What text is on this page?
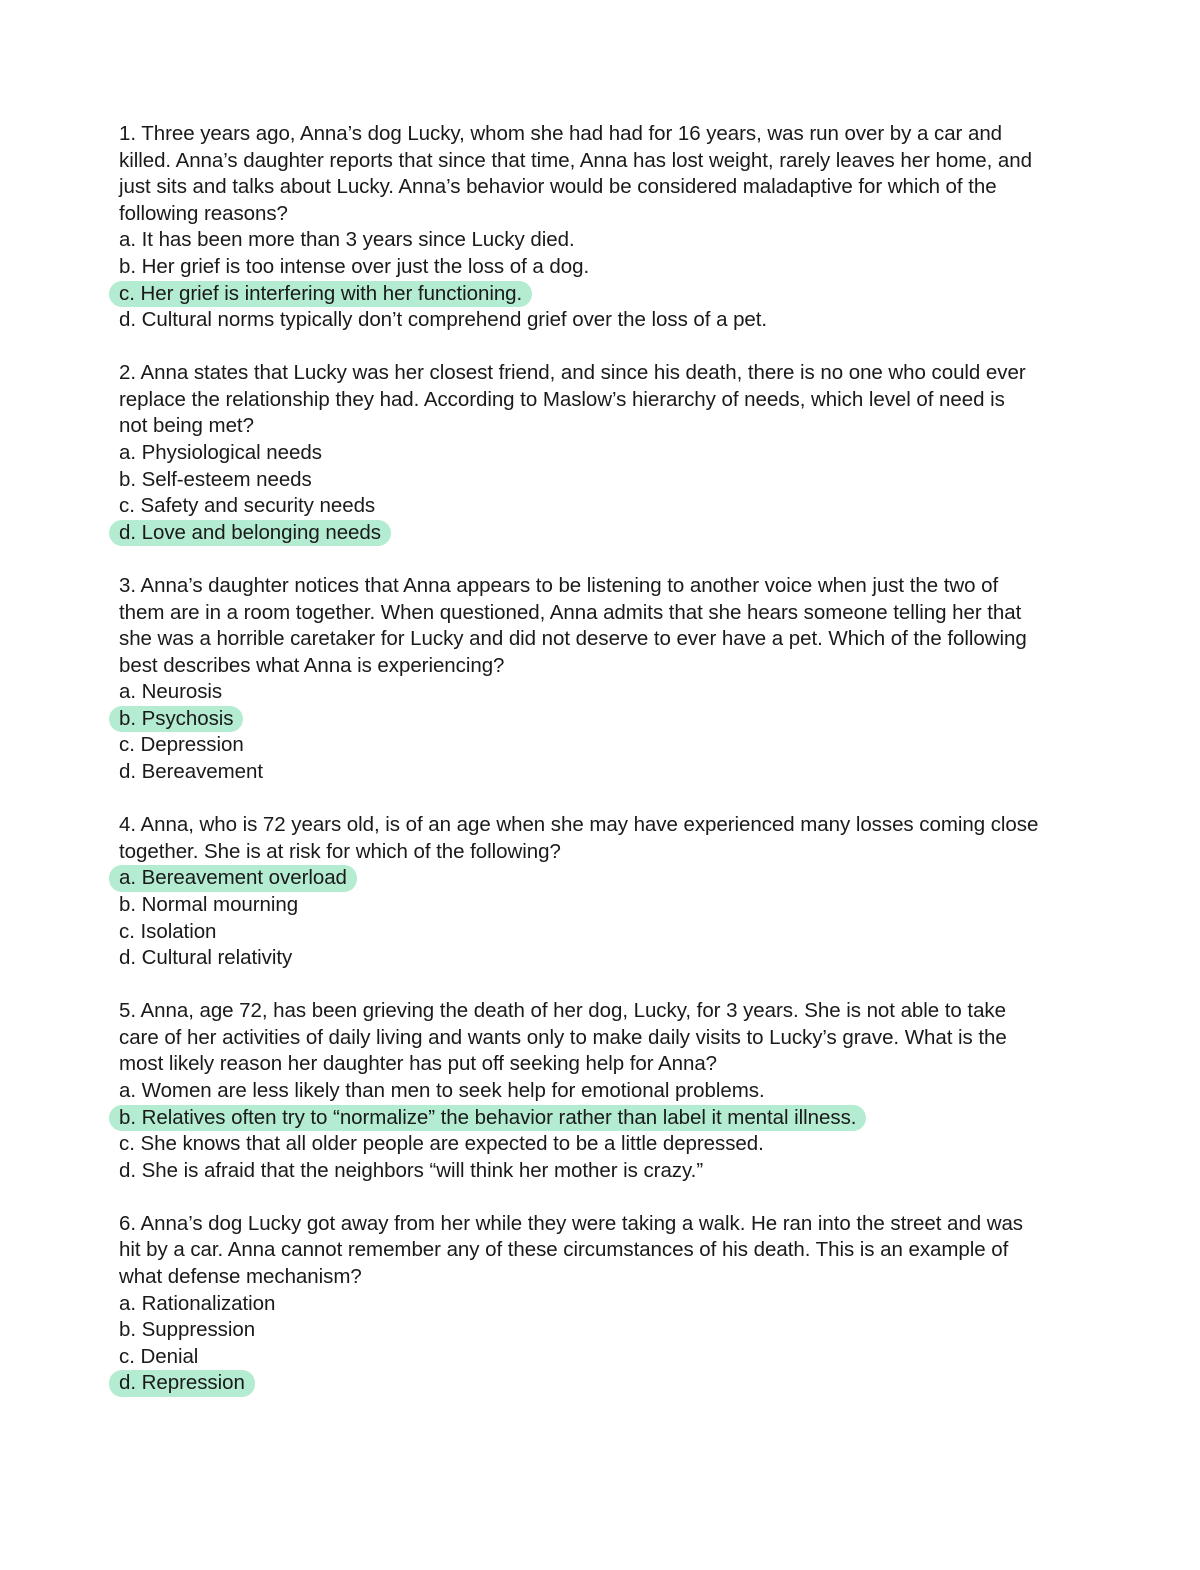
1. Three years ago, Anna’s dog Lucky, whom she had had for 16 years, was run over by a car and
killed. Anna’s daughter reports that since that time, Anna has lost weight, rarely leaves her home, and
just sits and talks about Lucky. Anna’s behavior would be considered maladaptive for which of the
following reasons?
a. It has been more than 3 years since Lucky died.
b. Her grief is too intense over just the loss of a dog.
c. Her grief is interfering with her functioning.
d. Cultural norms typically don’t comprehend grief over the loss of a pet.
2. Anna states that Lucky was her closest friend, and since his death, there is no one who could ever
replace the relationship they had. According to Maslow’s hierarchy of needs, which level of need is
not being met?
a. Physiological needs
b. Self-esteem needs
c. Safety and security needs
d. Love and belonging needs
3. Anna’s daughter notices that Anna appears to be listening to another voice when just the two of
them are in a room together. When questioned, Anna admits that she hears someone telling her that
she was a horrible caretaker for Lucky and did not deserve to ever have a pet. Which of the following
best describes what Anna is experiencing?
a. Neurosis
b. Psychosis
c. Depression
d. Bereavement
4. Anna, who is 72 years old, is of an age when she may have experienced many losses coming close
together. She is at risk for which of the following?
a. Bereavement overload
b. Normal mourning
c. Isolation
d. Cultural relativity
5. Anna, age 72, has been grieving the death of her dog, Lucky, for 3 years. She is not able to take
care of her activities of daily living and wants only to make daily visits to Lucky’s grave. What is the
most likely reason her daughter has put off seeking help for Anna?
a. Women are less likely than men to seek help for emotional problems.
b. Relatives often try to “normalize” the behavior rather than label it mental illness.
c. She knows that all older people are expected to be a little depressed.
d. She is afraid that the neighbors “will think her mother is crazy.”
6. Anna’s dog Lucky got away from her while they were taking a walk. He ran into the street and was
hit by a car. Anna cannot remember any of these circumstances of his death. This is an example of
what defense mechanism?
a. Rationalization
b. Suppression
c. Denial
d. Repression
